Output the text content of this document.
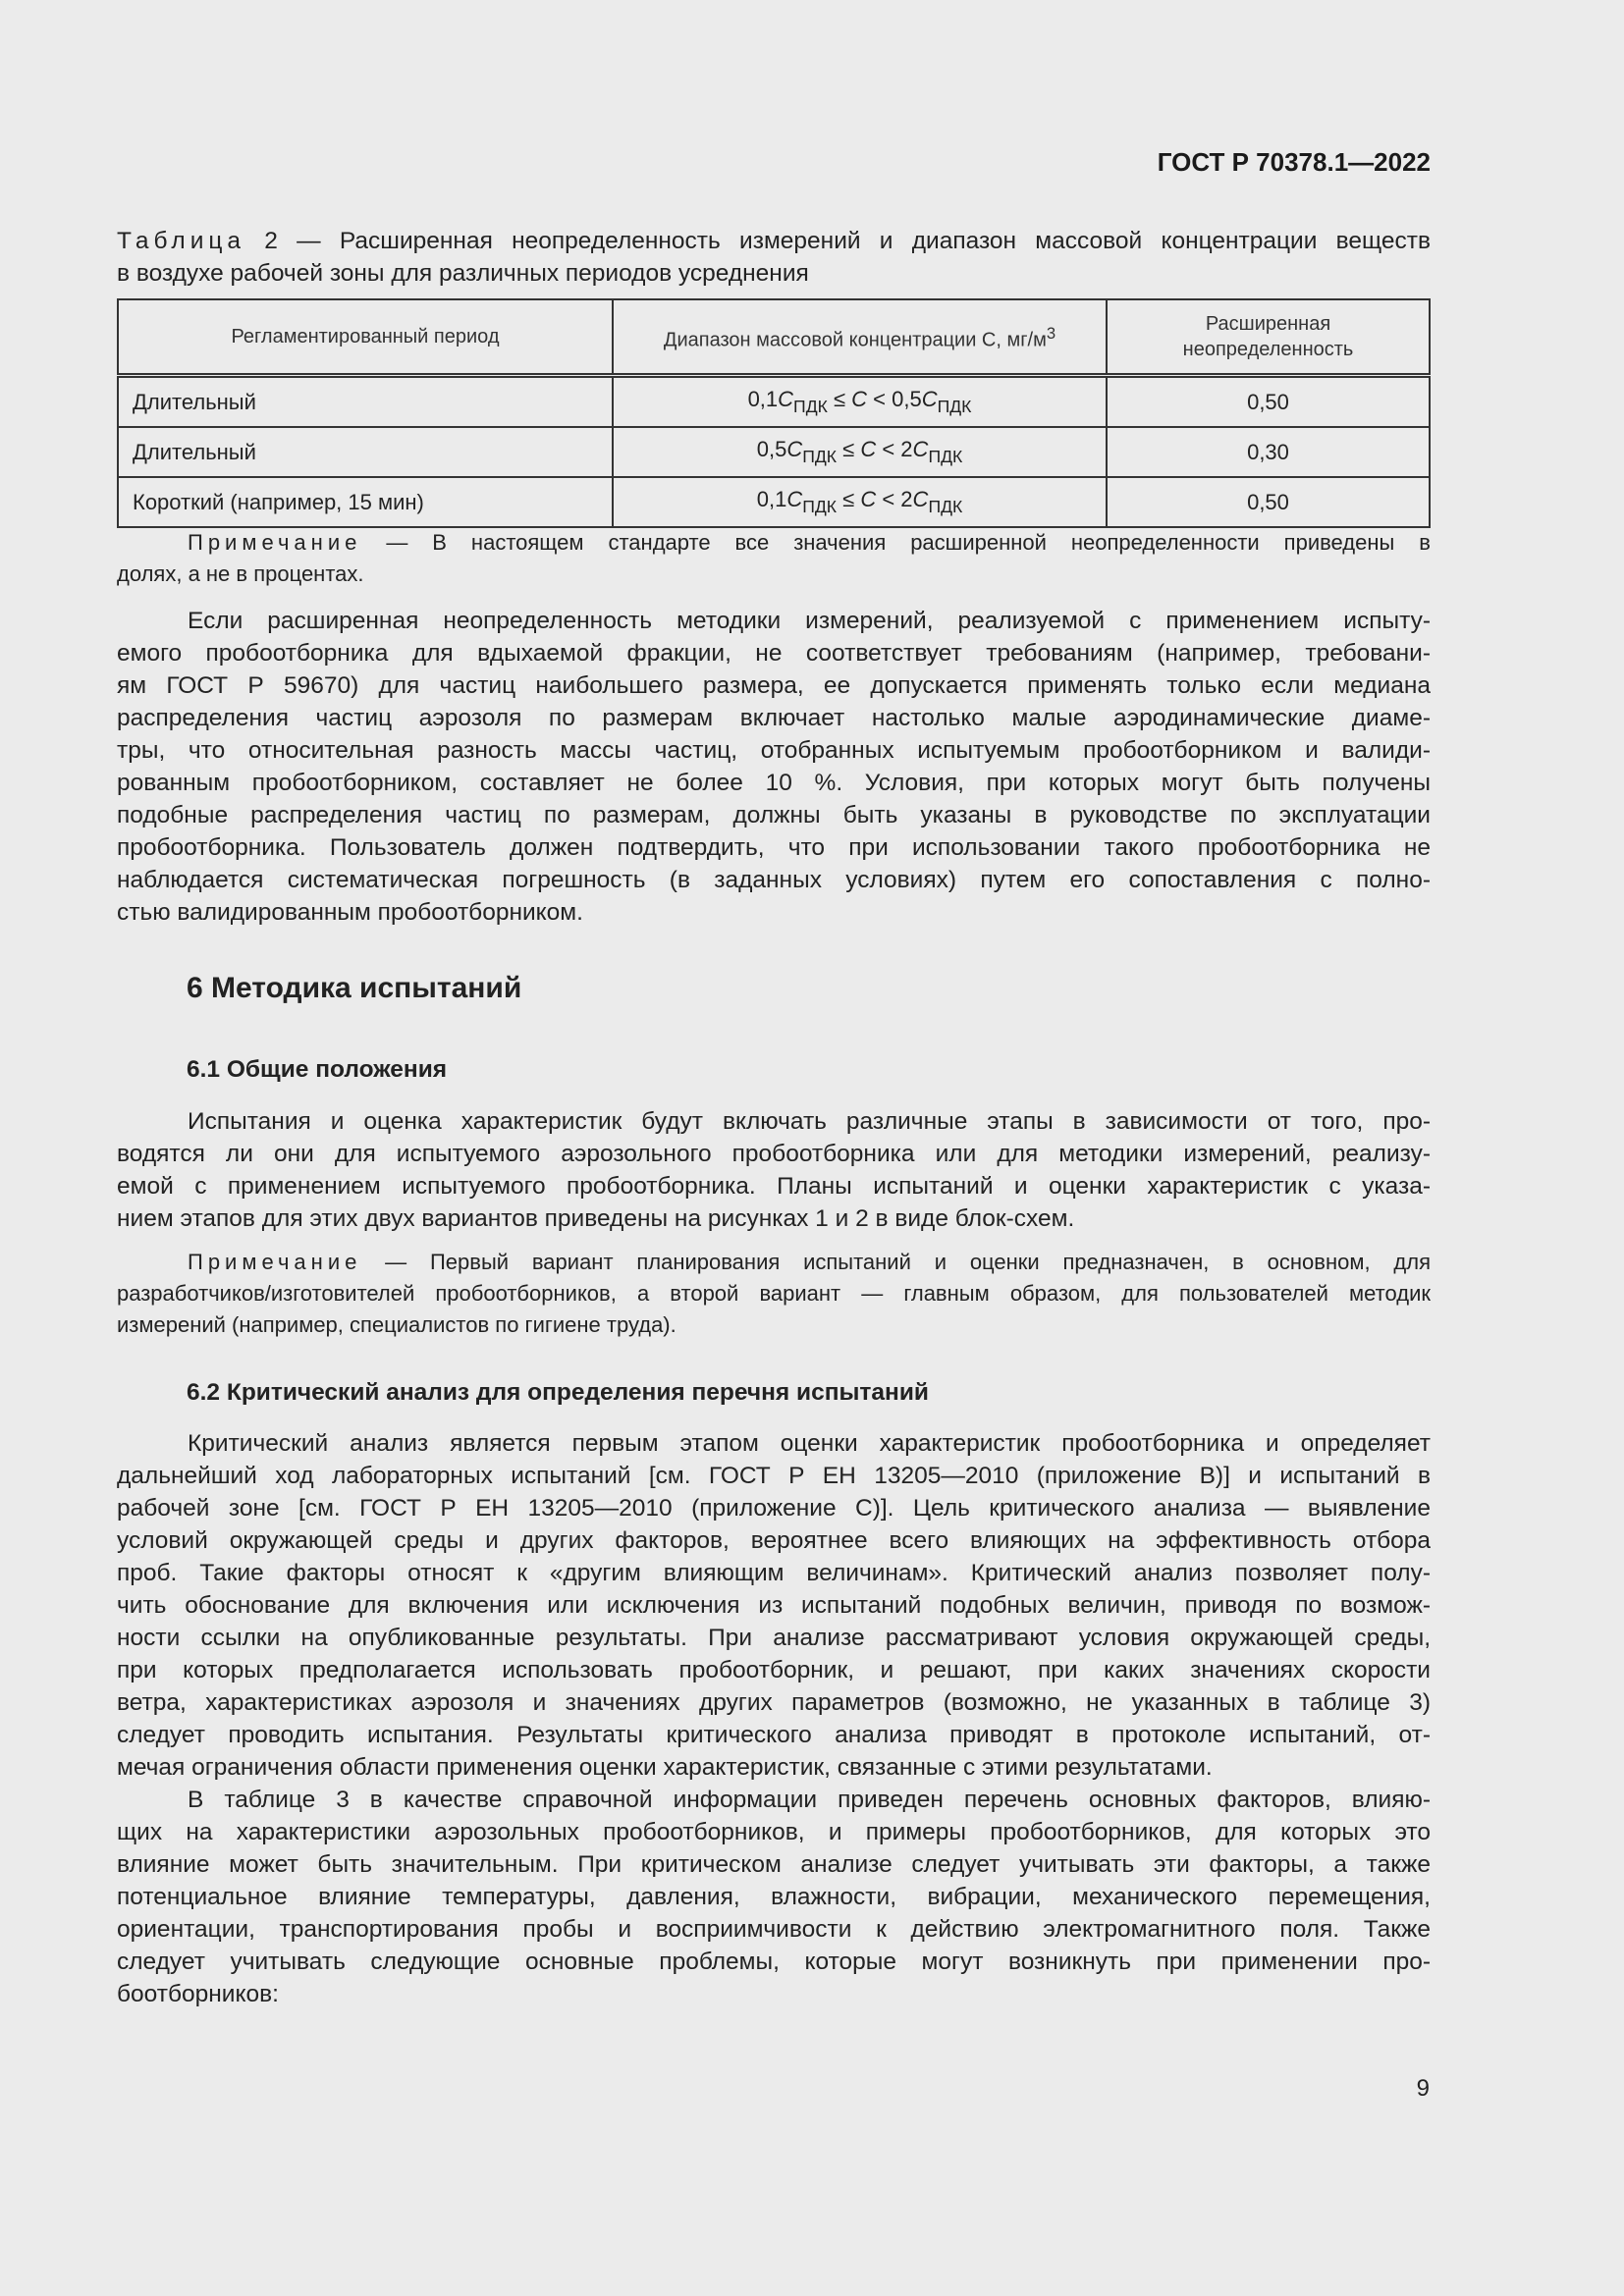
ГОСТ Р 70378.1—2022
Таблица 2 — Расширенная неопределенность измерений и диапазон массовой концентрации веществ
в воздухе рабочей зоны для различных периодов усреднения
Регламентированный период	Диапазон массовой концентрации C, $мг/м^3$	Расширенная
неопределенность
Длительный	$0,1C_{ПДК} \le C < 0,5C_{ПДК}$	0,50
Длительный	$0,5C_{ПДК} \le C < 2C_{ПДК}$	0,30
Короткий (например, 15 мин)	$0,1C_{ПДК} \le C < 2C_{ПДК}$	0,50
Примечание — В настоящем стандарте все значения расширенной неопределенности приведены в
долях, а не в процентах.
Если расширенная неопределенность методики измерений, реализуемой с применением испыту-
емого пробоотборника для вдыхаемой фракции, не соответствует требованиям (например, требовани-
ям ГОСТ Р 59670) для частиц наибольшего размера, ее допускается применять только если медиана
распределения частиц аэрозоля по размерам включает настолько малые аэродинамические диаме-
тры, что относительная разность массы частиц, отобранных испытуемым пробоотборником и валиди-
рованным пробоотборником, составляет не более 10 %. Условия, при которых могут быть получены
подобные распределения частиц по размерам, должны быть указаны в руководстве по эксплуатации
пробоотборника. Пользователь должен подтвердить, что при использовании такого пробоотборника не
наблюдается систематическая погрешность (в заданных условиях) путем его сопоставления с полно-
стью валидированным пробоотборником.
6 Методика испытаний
6.1 Общие положения
Испытания и оценка характеристик будут включать различные этапы в зависимости от того, про-
водятся ли они для испытуемого аэрозольного пробоотборника или для методики измерений, реализу-
емой с применением испытуемого пробоотборника. Планы испытаний и оценки характеристик с указа-
нием этапов для этих двух вариантов приведены на рисунках 1 и 2 в виде блок-схем.
Примечание — Первый вариант планирования испытаний и оценки предназначен, в основном, для
разработчиков/изготовителей пробоотборников, а второй вариант — главным образом, для пользователей методик
измерений (например, специалистов по гигиене труда).
6.2 Критический анализ для определения перечня испытаний
Критический анализ является первым этапом оценки характеристик пробоотборника и определяет
дальнейший ход лабораторных испытаний [см. ГОСТ Р ЕН 13205—2010 (приложение В)] и испытаний в
рабочей зоне [см. ГОСТ Р ЕН 13205—2010 (приложение С)]. Цель критического анализа — выявление
условий окружающей среды и других факторов, вероятнее всего влияющих на эффективность отбора
проб. Такие факторы относят к «другим влияющим величинам». Критический анализ позволяет полу-
чить обоснование для включения или исключения из испытаний подобных величин, приводя по возмож-
ности ссылки на опубликованные результаты. При анализе рассматривают условия окружающей среды,
при которых предполагается использовать пробоотборник, и решают, при каких значениях скорости
ветра, характеристиках аэрозоля и значениях других параметров (возможно, не указанных в таблице 3)
следует проводить испытания. Результаты критического анализа приводят в протоколе испытаний, от-
мечая ограничения области применения оценки характеристик, связанные с этими результатами.
В таблице 3 в качестве справочной информации приведен перечень основных факторов, влияю-
щих на характеристики аэрозольных пробоотборников, и примеры пробоотборников, для которых это
влияние может быть значительным. При критическом анализе следует учитывать эти факторы, а также
потенциальное влияние температуры, давления, влажности, вибрации, механического перемещения,
ориентации, транспортирования пробы и восприимчивости к действию электромагнитного поля. Также
следует учитывать следующие основные проблемы, которые могут возникнуть при применении про-
боотборников:
9
